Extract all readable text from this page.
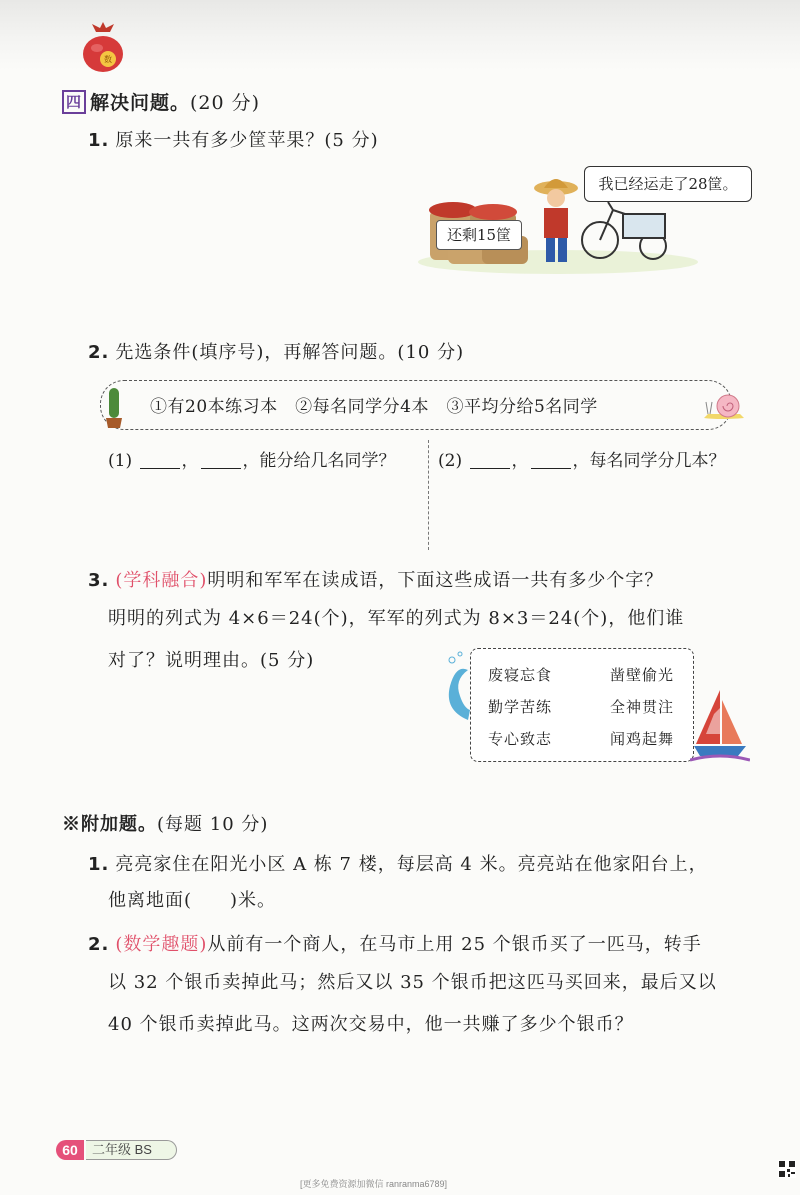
数
四 解决问题。(20 分)
1. 原来一共有多少筐苹果？(5 分)
我已经运走了28筐。
还剩15筐
2. 先选条件(填序号)，再解答问题。(10 分)
①有20本练习本　②每名同学分4本　③平均分给5名同学
(1)	，	，能分给几名同学？	(2)	，	，每名同学分几本？
3. (学科融合)明明和军军在读成语，下面这些成语一共有多少个字？
明明的列式为 4×6＝24(个)，军军的列式为 8×3＝24(个)，他们谁
对了？说明理由。(5 分)
废寝忘食	凿壁偷光
勤学苦练	全神贯注
专心致志	闻鸡起舞
※附加题。(每题 10 分)
1. 亮亮家住在阳光小区 A 栋 7 楼，每层高 4 米。亮亮站在他家阳台上，
他离地面(　　)米。
2. (数学趣题)从前有一个商人，在马市上用 25 个银币买了一匹马，转手
以 32 个银币卖掉此马；然后又以 35 个银币把这匹马买回来，最后又以
40 个银币卖掉此马。这两次交易中，他一共赚了多少个银币？
60	二年级 BS
[更多免费资源加微信 ranranma6789]
